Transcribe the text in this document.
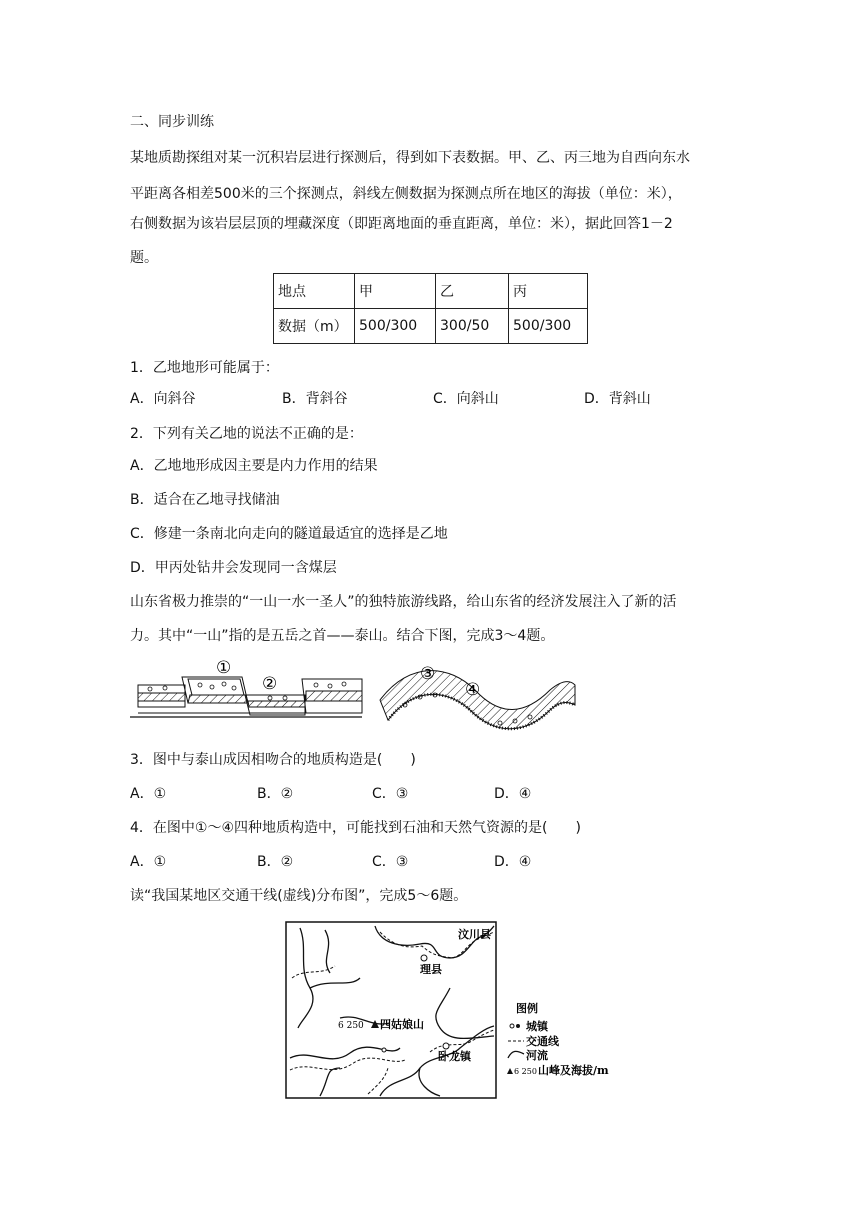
二、同步训练
某地质勘探组对某一沉积岩层进行探测后，得到如下表数据。甲、乙、丙三地为自西向东水
平距离各相差500米的三个探测点，斜线左侧数据为探测点所在地区的海拔（单位：米），
右侧数据为该岩层层顶的埋藏深度（即距离地面的垂直距离，单位：米），据此回答1－2
题。
地点	甲	乙	丙
数据（m）	500/300	300/50	500/300
1．乙地地形可能属于：
A．向斜谷	B．背斜谷	C．向斜山	D．背斜山
2．下列有关乙地的说法不正确的是：
A．乙地地形成因主要是内力作用的结果
B．适合在乙地寻找储油
C．修建一条南北向走向的隧道最适宜的选择是乙地
D．甲丙处钻井会发现同一含煤层
山东省极力推崇的“一山一水一圣人”的独特旅游线路，给山东省的经济发展注入了新的活
力。其中“一山”指的是五岳之首——泰山。结合下图，完成3～4题。
①
②	③
④
3．图中与泰山成因相吻合的地质构造是(　　)
A．①	B．②	C．③	D．④
4．在图中①～④四种地质构造中，可能找到石油和天然气资源的是(　　)
A．①	B．②	C．③	D．④
读“我国某地区交通干线(虚线)分布图”，完成5～6题。
汶川县
理县
四姑娘山
6 250
卧龙镇
图例
城镇
交通线
河流
6 250 山峰及海拔/m
